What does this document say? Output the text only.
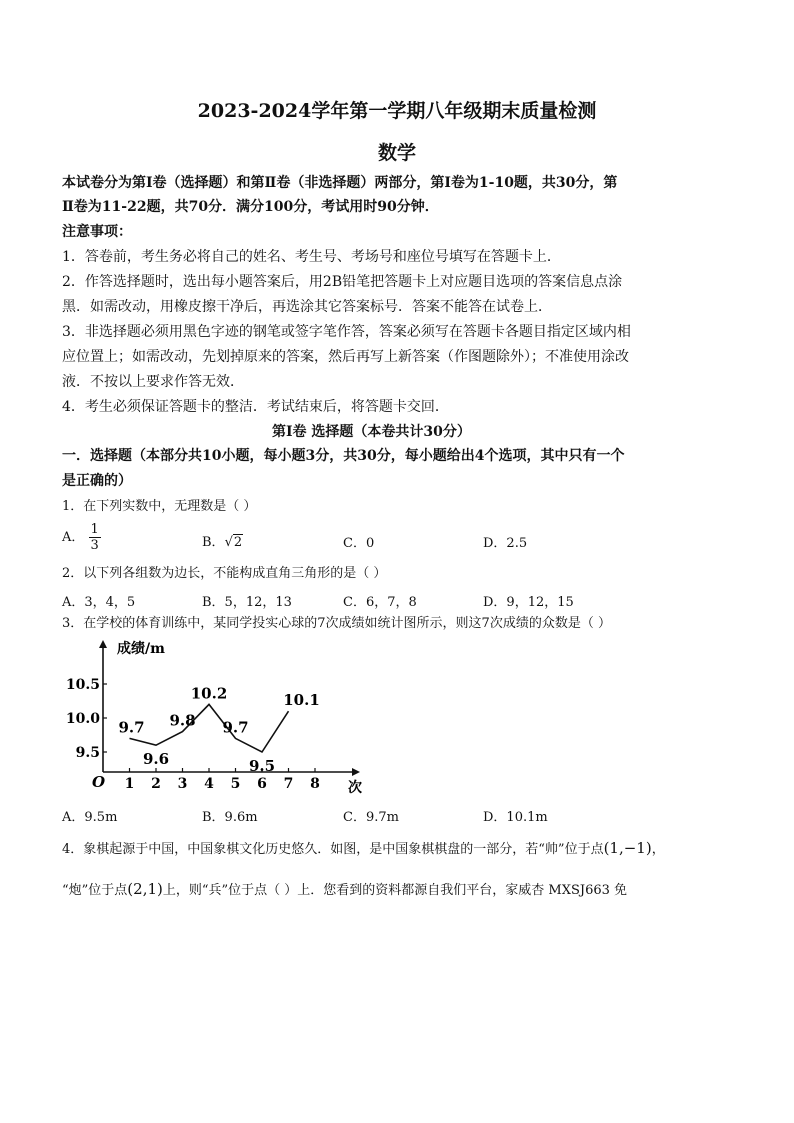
2023-2024学年第一学期八年级期末质量检测
数学
本试卷分为第Ⅰ卷（选择题）和第Ⅱ卷（非选择题）两部分，第Ⅰ卷为1-10题，共30分，第
Ⅱ卷为11-22题，共70分．满分100分，考试用时90分钟．
注意事项：
1．答卷前，考生务必将自己的姓名、考生号、考场号和座位号填写在答题卡上．
2．作答选择题时，选出每小题答案后，用2B铅笔把答题卡上对应题目选项的答案信息点涂
黑．如需改动，用橡皮擦干净后，再选涂其它答案标号．答案不能答在试卷上．
3．非选择题必须用黑色字迹的钢笔或签字笔作答，答案必须写在答题卡各题目指定区域内相
应位置上；如需改动，先划掉原来的答案，然后再写上新答案（作图题除外）；不准使用涂改
液．不按以上要求作答无效．
4．考生必须保证答题卡的整洁．考试结束后，将答题卡交回．
第Ⅰ卷 选择题（本卷共计30分）
一．选择题（本部分共10小题，每小题3分，共30分，每小题给出4个选项，其中只有一个
是正确的）
1．在下列实数中，无理数是（ ）
A． $\frac{1}{3}$	B．√2	C．0	D．2.5
2．以下列各组数为边长，不能构成直角三角形的是（ ）
A．3，4，5	B．5，12，13	C．6，7，8	D．9，12，15
3．在学校的体育训练中，某同学投实心球的7次成绩如统计图所示，则这7次成绩的众数是（ ）
成绩/m
次
O 1 2 3 4 5 6 7 8
9.5
10.0
10.5
9.7
9.6
9.8
10.2
9.7
9.5
10.1
A．9.5m	B．9.6m	C．9.7m	D．10.1m
4．象棋起源于中国，中国象棋文化历史悠久．如图，是中国象棋棋盘的一部分，若“帅”位于点(1,−1)，
“炮”位于点(2,1)上，则“兵”位于点（ ）上．您看到的资料都源自我们平台，家威杏 MXSJ663 免
